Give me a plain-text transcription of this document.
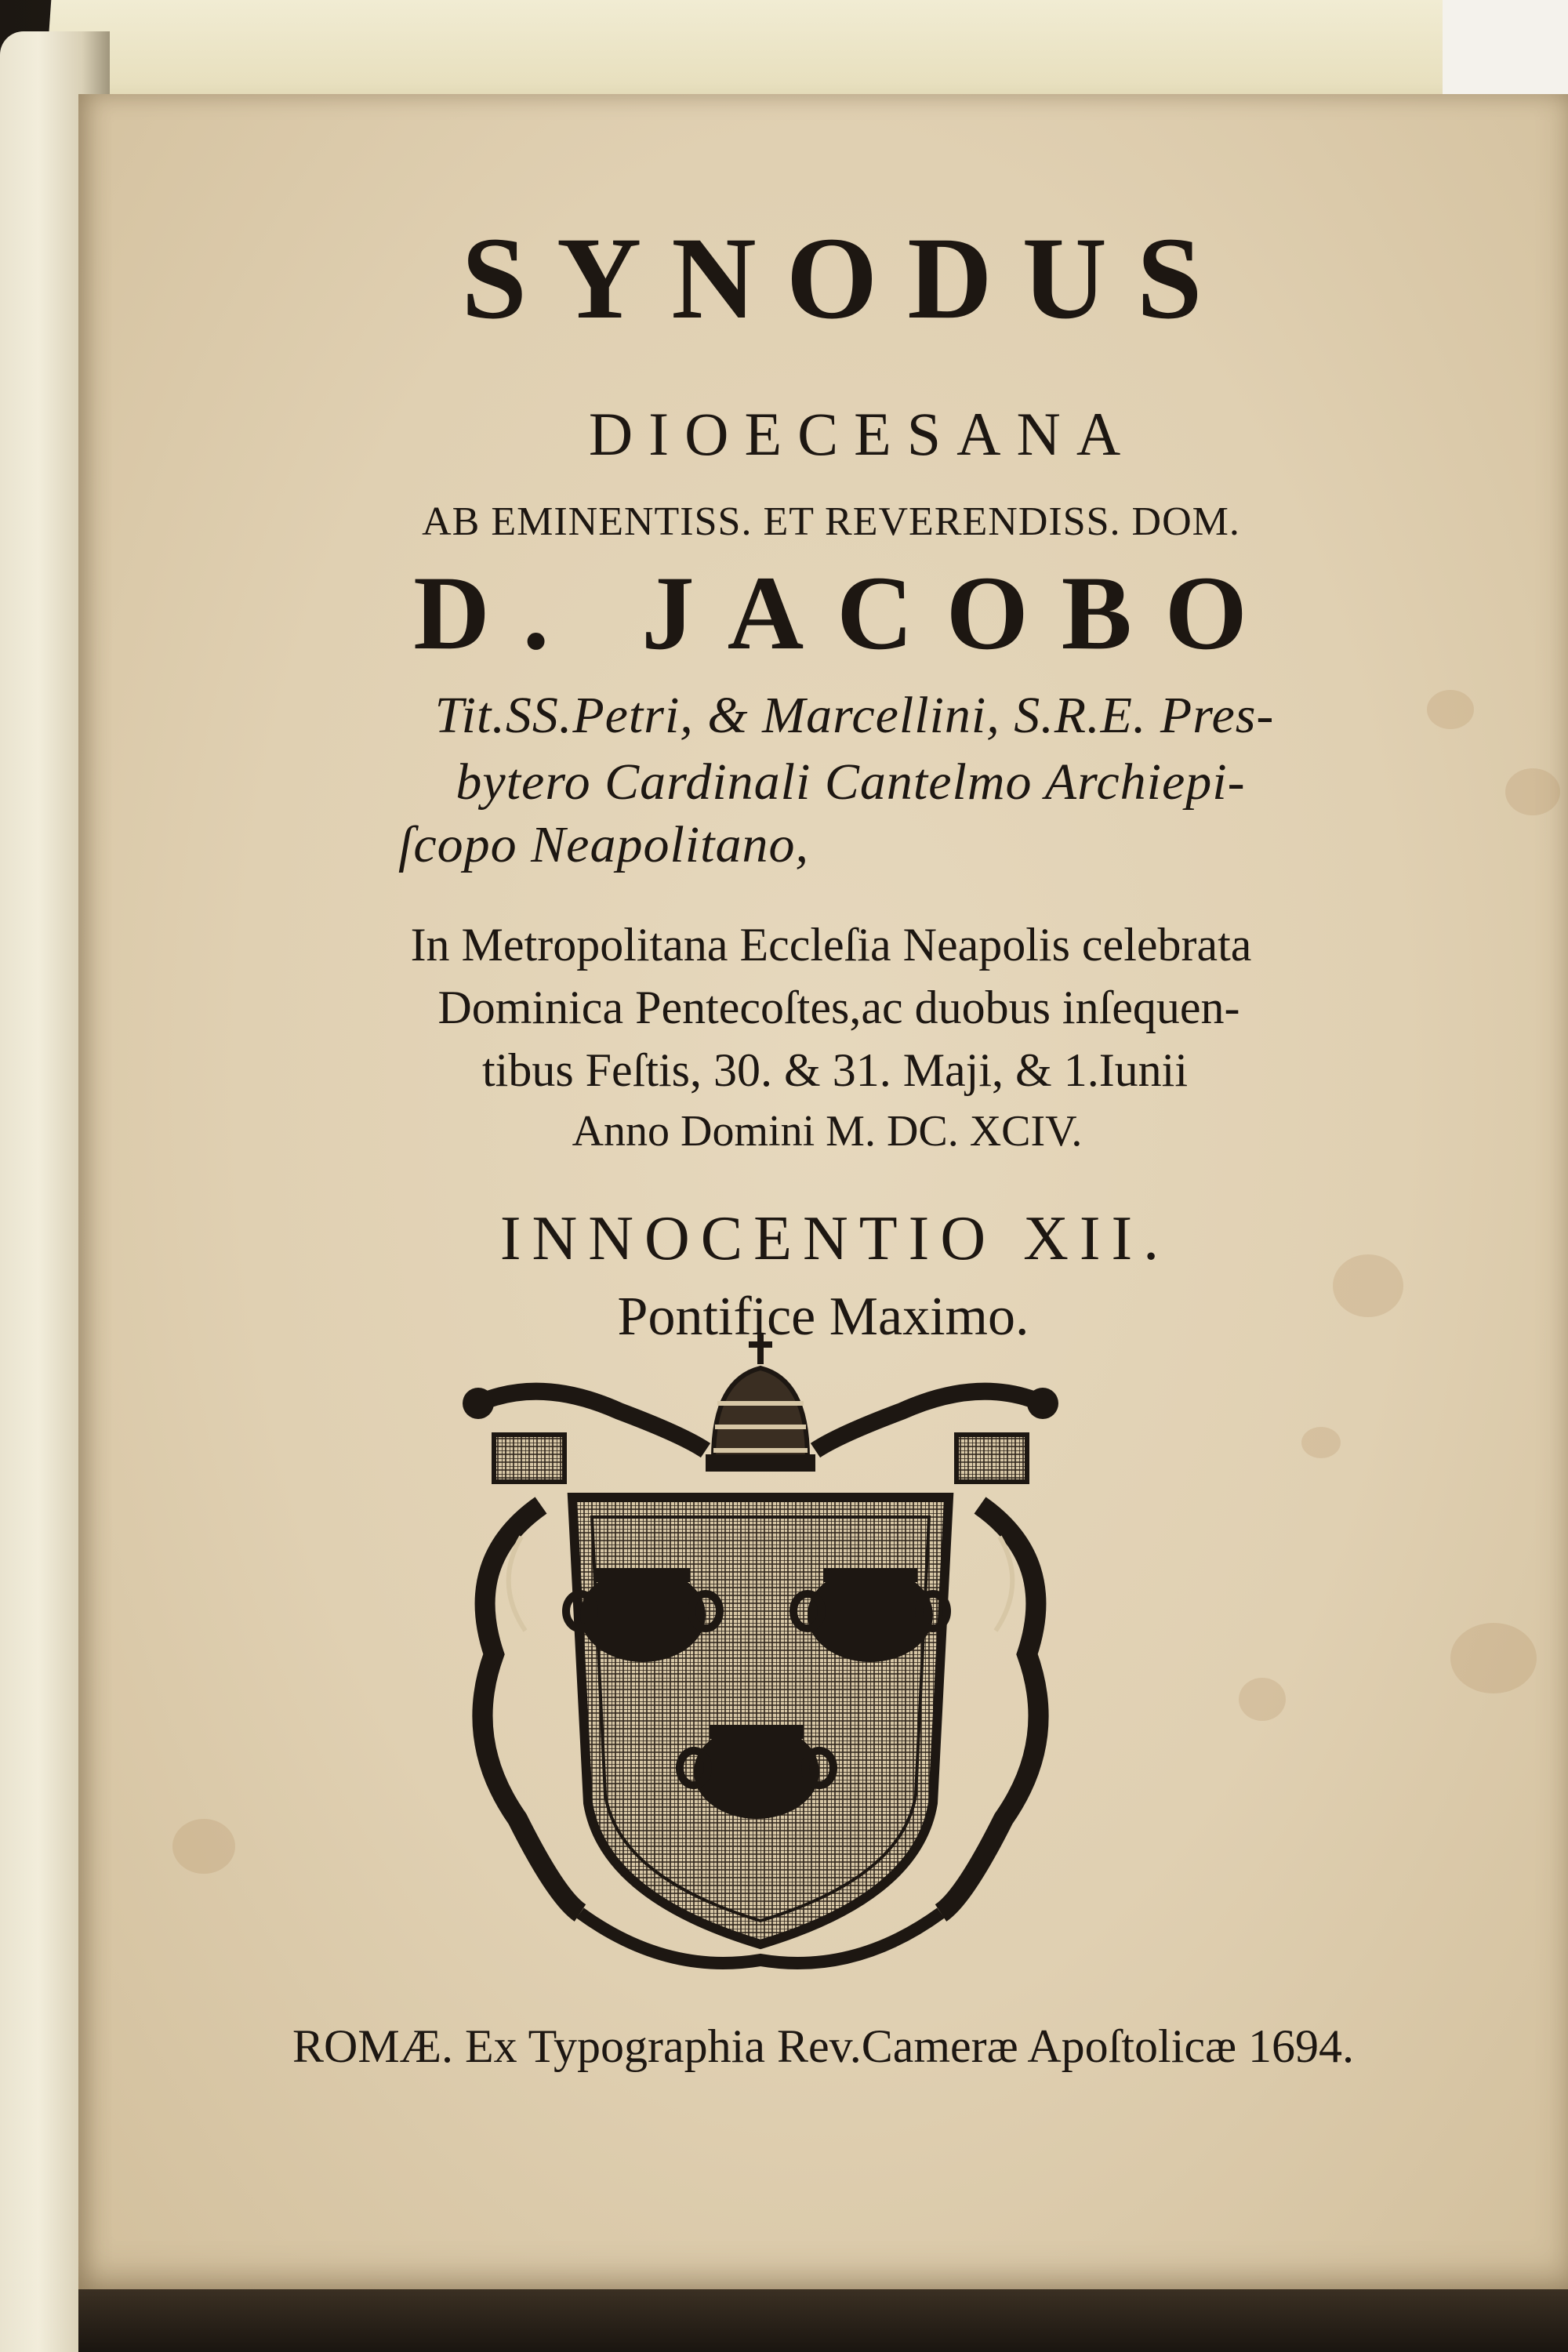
SYNODUS

DIOECESANA

AB EMINENTISS. ET REVERENDISS. DOM.

D. JACOBO

Tit.SS.Petri, & Marcellini, S.R.E. Pres-

bytero Cardinali Cantelmo Archiepi-

ſcopo Neapolitano,

In Metropolitana Eccleſia Neapolis celebrata

Dominica Pentecoſtes,ac duobus inſequen-

tibus Feſtis, 30. & 31. Maji, & 1.Iunii

Anno Domini M. DC. XCIV.

INNOCENTIO XII.

Pontifice Maximo.

ROMÆ. Ex Typographia Rev.Cameræ Apoſtolicæ 1694.
